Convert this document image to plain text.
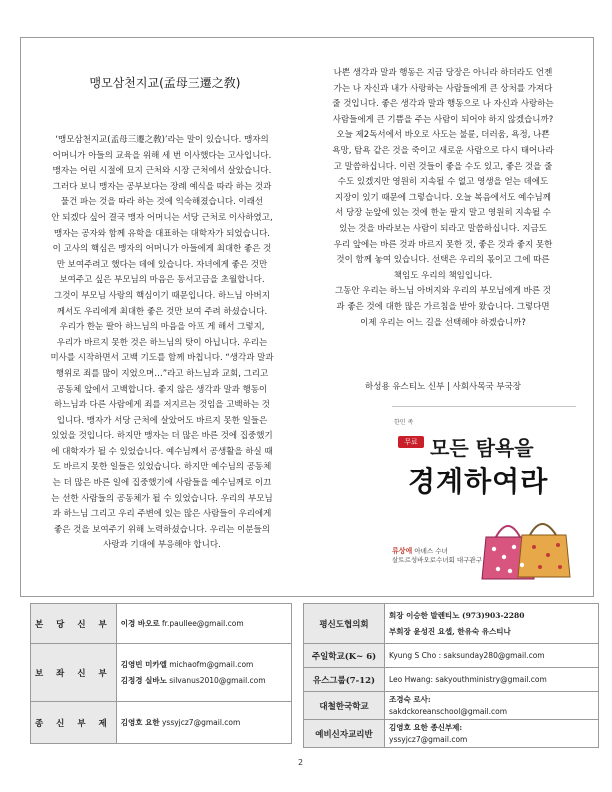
맹모삼천지교(孟母三遷之敎)

‘맹모삼천지교(孟母三遷之敎)’라는 말이 있습니다. 맹자의

어머니가 아들의 교육을 위해 세 번 이사했다는 고사입니다.

맹자는 어린 시절에 묘지 근처와 시장 근처에서 살았습니다.

그러다 보니 맹자는 공부보다는 장례 예식을 따라 하는 것과

물건 파는 것을 따라 하는 것에 익숙해졌습니다. 이래선

안 되겠다 싶어 결국 맹자 어머니는 서당 근처로 이사하였고,

맹자는 공자와 함께 유학을 대표하는 대학자가 되었습니다.

이 고사의 핵심은 맹자의 어머니가 아들에게 최대한 좋은 것

만 보여주려고 했다는 데에 있습니다. 자녀에게 좋은 것만

보여주고 싶은 부모님의 마음은 동서고금을 초월합니다.

그것이 부모님 사랑의 핵심이기 때문입니다. 하느님 아버지

께서도 우리에게 최대한 좋은 것만 보여 주려 하셨습니다.

우리가 한눈 팔아 하느님의 마음을 아프 게 해서 그렇지,

우리가 바르지 못한 것은 하느님의 탓이 아닙니다. 우리는

미사를 시작하면서 고백 기도를 함께 바칩니다. “생각과 말과

행위로 죄를 많이 지었으며…”라고 하느님과 교회, 그리고

공동체 앞에서 고백합니다. 좋지 않은 생각과 말과 행동이

하느님과 다른 사람에게 죄를 저지르는 것임을 고백하는 것

입니다. 맹자가 서당 근처에 살았어도 바르지 못한 일들은

있었을 것입니다. 하지만 맹자는 더 많은 바른 것에 집중했기

에 대학자가 될 수 있었습니다. 예수님께서 공생활을 하실 때

도 바르지 못한 일들은 있었습니다. 하지만 예수님의 공동체

는 더 많은 바른 일에 집중했기에 사람들을 예수님께로 이끄

는 선한 사람들의 공동체가 될 수 있었습니다. 우리의 부모님

과 하느님 그리고 우리 주변에 있는 많은 사람들이 우리에게

좋은 것을 보여주기 위해 노력하셨습니다. 우리는 이분들의

사랑과 기대에 부응해야 합니다.

나쁜 생각과 말과 행동은 지금 당장은 아니라 하더라도 언젠

가는 나 자신과 내가 사랑하는 사람들에게 큰 상처를 가져다

줄 것입니다. 좋은 생각과 말과 행동으로 나 자신과 사랑하는

사람들에게 큰 기쁨을 주는 사람이 되어야 하지 않겠습니까?

오늘 제2독서에서 바오로 사도는 불륜, 더러움, 욕정, 나쁜

욕망, 탐욕 같은 것을 죽이고 새로운 사람으로 다시 태어나라

고 말씀하십니다. 이런 것들이 좋을 수도 있고, 좋은 것을 줄

수도 있겠지만 영원히 지속될 수 없고 영생을 얻는 데에도

지장이 있기 때문에 그렇습니다. 오늘 복음에서도 예수님께

서 당장 눈앞에 있는 것에 한눈 팔지 말고 영원히 지속될 수

있는 것을 바라보는 사람이 되라고 말씀하십니다. 지금도

우리 앞에는 바른 것과 바르지 못한 것, 좋은 것과 좋지 못한

것이 함께 놓여 있습니다. 선택은 우리의 몫이고 그에 따른

책임도 우리의 책임입니다.

그동안 우리는 하느님 아버지와 우리의 부모님에게 바른 것

과 좋은 것에 대한 많은 가르침을 받아 왔습니다. 그렇다면

이제 우리는 어느 길을 선택해야 하겠습니까?

하성용 유스티노 신부 | 사회사목국 부국장
한민 족
무료 모든 탐욕을
경계하여라
류상애 아녜스 수녀
살트르성바오로수녀회 대구관구
본 당 신 부	이경 바오로 fr.paullee@gmail.com

보 좌 신 부	김영빈 미카엘 michaofm@gmail.com
김정경 실바노 silvanus2010@gmail.com

종 신 부 제	김영호 요한 yssyjcz7@gmail.com
평신도협의회	회장 이승한 발렌티노 (973)903-2280
부회장 윤성진 요셉, 한유숙 유스티나

주일학교(K~ 6)	Kyung S Cho : saksunday280@gmail.com

유스그룹(7-12)	Leo Hwang: sakyouthministry@gmail.com

대철한국학교	조경숙 로사:
sakdckoreanschool@gmail.com

예비신자교리반	김영호 요한 종신부제:
yssyjcz7@gmail.com
2
